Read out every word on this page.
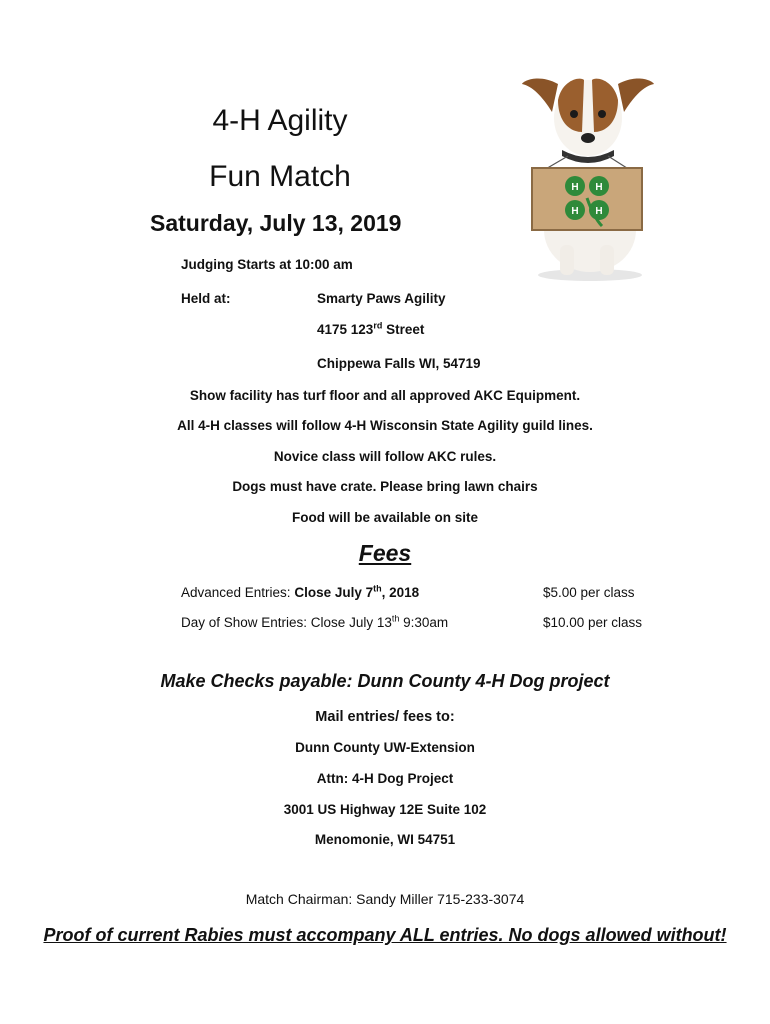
4-H Agility
Fun Match
Saturday, July 13, 2019
H H
H H
Judging Starts at 10:00 am
Held at:	Smarty Paws Agility
4175 123rd Street
Chippewa Falls WI, 54719
Show facility has turf floor and all approved AKC Equipment.
All 4-H classes will follow 4-H Wisconsin State Agility guild lines.
Novice class will follow AKC rules.
Dogs must have crate. Please bring lawn chairs
Food will be available on site
Fees
Advanced Entries: Close July 7th, 2018	$5.00 per class
Day of Show Entries: Close July 13th 9:30am	$10.00 per class
Make Checks payable: Dunn County 4-H Dog project
Mail entries/ fees to:
Dunn County UW-Extension
Attn: 4-H Dog Project
3001 US Highway 12E Suite 102
Menomonie, WI 54751
Match Chairman: Sandy Miller 715-233-3074
Proof of current Rabies must accompany ALL entries. No dogs allowed without!
